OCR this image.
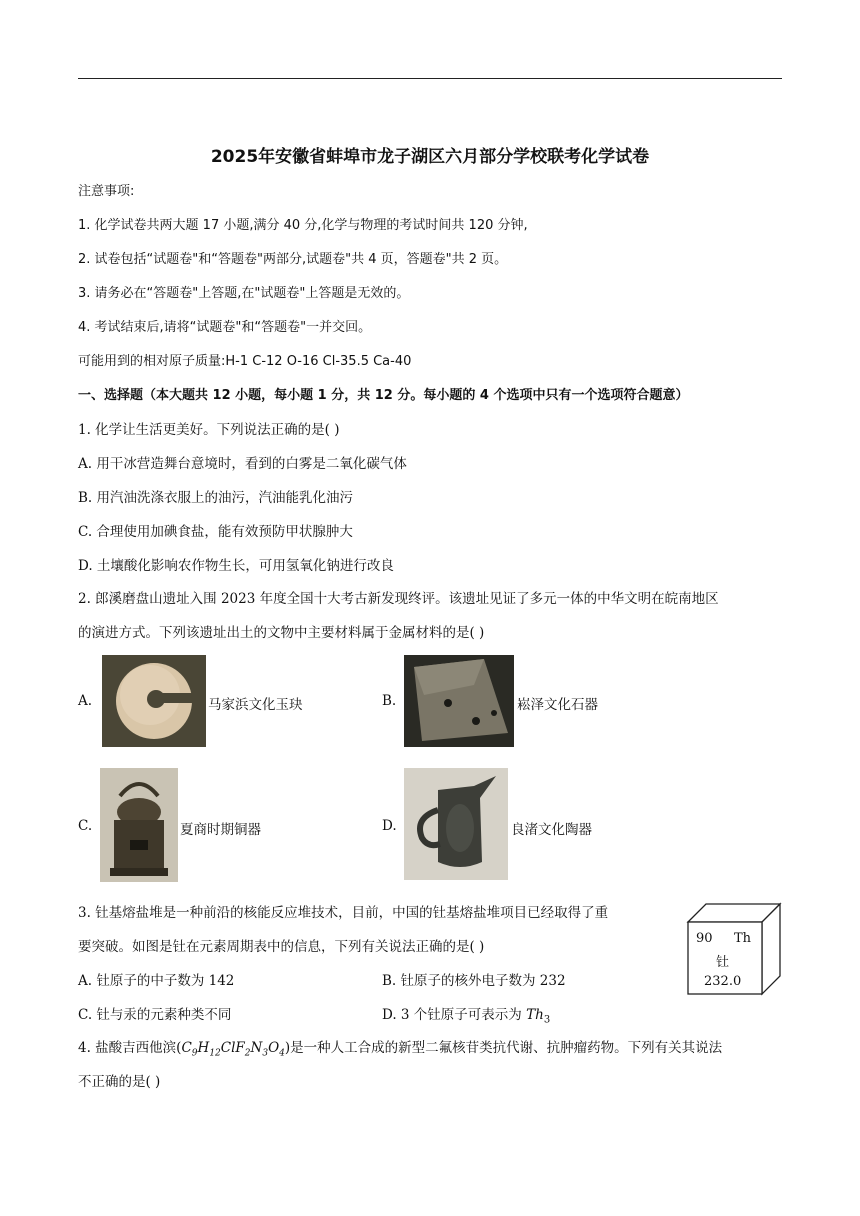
2025年安徽省蚌埠市龙子湖区六月部分学校联考化学试卷
注意事项:
1. 化学试卷共两大题 17 小题,满分 40 分,化学与物理的考试时间共 120 分钟,
2. 试卷包括“试题卷"和“答题卷"两部分,试题卷"共 4 页，答题卷"共 2 页。
3. 请务必在“答题卷"上答题,在"试题卷"上答题是无效的。
4. 考试结束后,请将“试题卷"和“答题卷"一并交回。
可能用到的相对原子质量:H-1 C-12 O-16 Cl-35.5 Ca-40
一、选择题（本大题共 12 小题，每小题 1 分，共 12 分。每小题的 4 个选项中只有一个选项符合题意）
1. 化学让生活更美好。下列说法正确的是( )
A. 用干冰营造舞台意境时，看到的白雾是二氧化碳气体
B. 用汽油洗涤衣服上的油污，汽油能乳化油污
C. 合理使用加碘食盐，能有效预防甲状腺肿大
D. 土壤酸化影响农作物生长，可用氢氧化钠进行改良
2. 郎溪磨盘山遗址入围 2023 年度全国十大考古新发现终评。该遗址见证了多元一体的中华文明在皖南地区
的演进方式。下列该遗址出土的文物中主要材料属于金属材料的是( )
A.	马家浜文化玉玦	B.	崧泽文化石器
C.	夏商时期铜器	D.	良渚文化陶器
3. 钍基熔盐堆是一种前沿的核能反应堆技术，目前，中国的钍基熔盐堆项目已经取得了重
要突破。如图是钍在元素周期表中的信息，下列有关说法正确的是( )
A. 钍原子的中子数为 142	B. 钍原子的核外电子数为 232
C. 钍与汞的元素种类不同	D. 3 个钍原子可表示为 $Th_3$
90 Th
钍
232.0
4. 盐酸吉西他滨$(C_9H_{12}ClF_2N_3O_4)$是一种人工合成的新型二氟核苷类抗代谢、抗肿瘤药物。下列有关其说法
不正确的是( )
